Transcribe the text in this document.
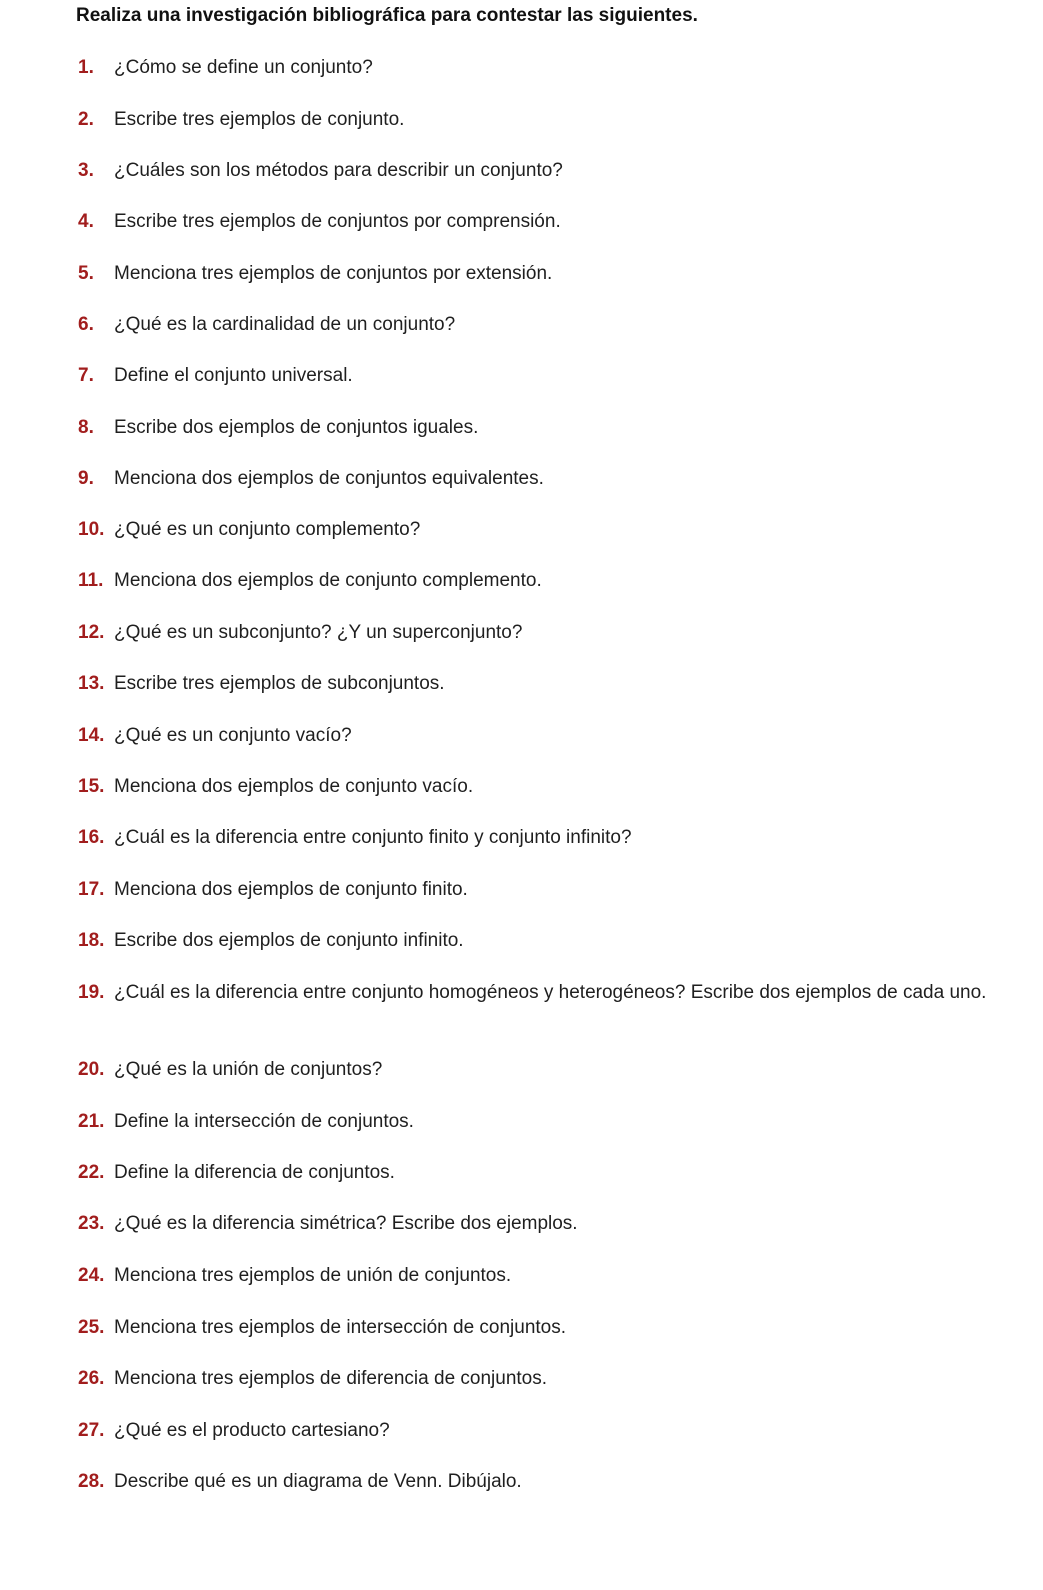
Realiza una investigación bibliográfica para contestar las siguientes.
1.	¿Cómo se define un conjunto?
2.	Escribe tres ejemplos de conjunto.
3.	¿Cuáles son los métodos para describir un conjunto?
4.	Escribe tres ejemplos de conjuntos por comprensión.
5.	Menciona tres ejemplos de conjuntos por extensión.
6.	¿Qué es la cardinalidad de un conjunto?
7.	Define el conjunto universal.
8.	Escribe dos ejemplos de conjuntos iguales.
9.	Menciona dos ejemplos de conjuntos equivalentes.
10. ¿Qué es un conjunto complemento?
11. Menciona dos ejemplos de conjunto complemento.
12. ¿Qué es un subconjunto? ¿Y un superconjunto?
13. Escribe tres ejemplos de subconjuntos.
14. ¿Qué es un conjunto vacío?
15. Menciona dos ejemplos de conjunto vacío.
16. ¿Cuál es la diferencia entre conjunto finito y conjunto infinito?
17. Menciona dos ejemplos de conjunto finito.
18. Escribe dos ejemplos de conjunto infinito.
19. ¿Cuál es la diferencia entre conjunto homogéneos y heterogéneos? Escribe dos ejemplos de cada uno.
20. ¿Qué es la unión de conjuntos?
21. Define la intersección de conjuntos.
22. Define la diferencia de conjuntos.
23. ¿Qué es la diferencia simétrica? Escribe dos ejemplos.
24. Menciona tres ejemplos de unión de conjuntos.
25. Menciona tres ejemplos de intersección de conjuntos.
26. Menciona tres ejemplos de diferencia de conjuntos.
27. ¿Qué es el producto cartesiano?
28. Describe qué es un diagrama de Venn. Dibújalo.
